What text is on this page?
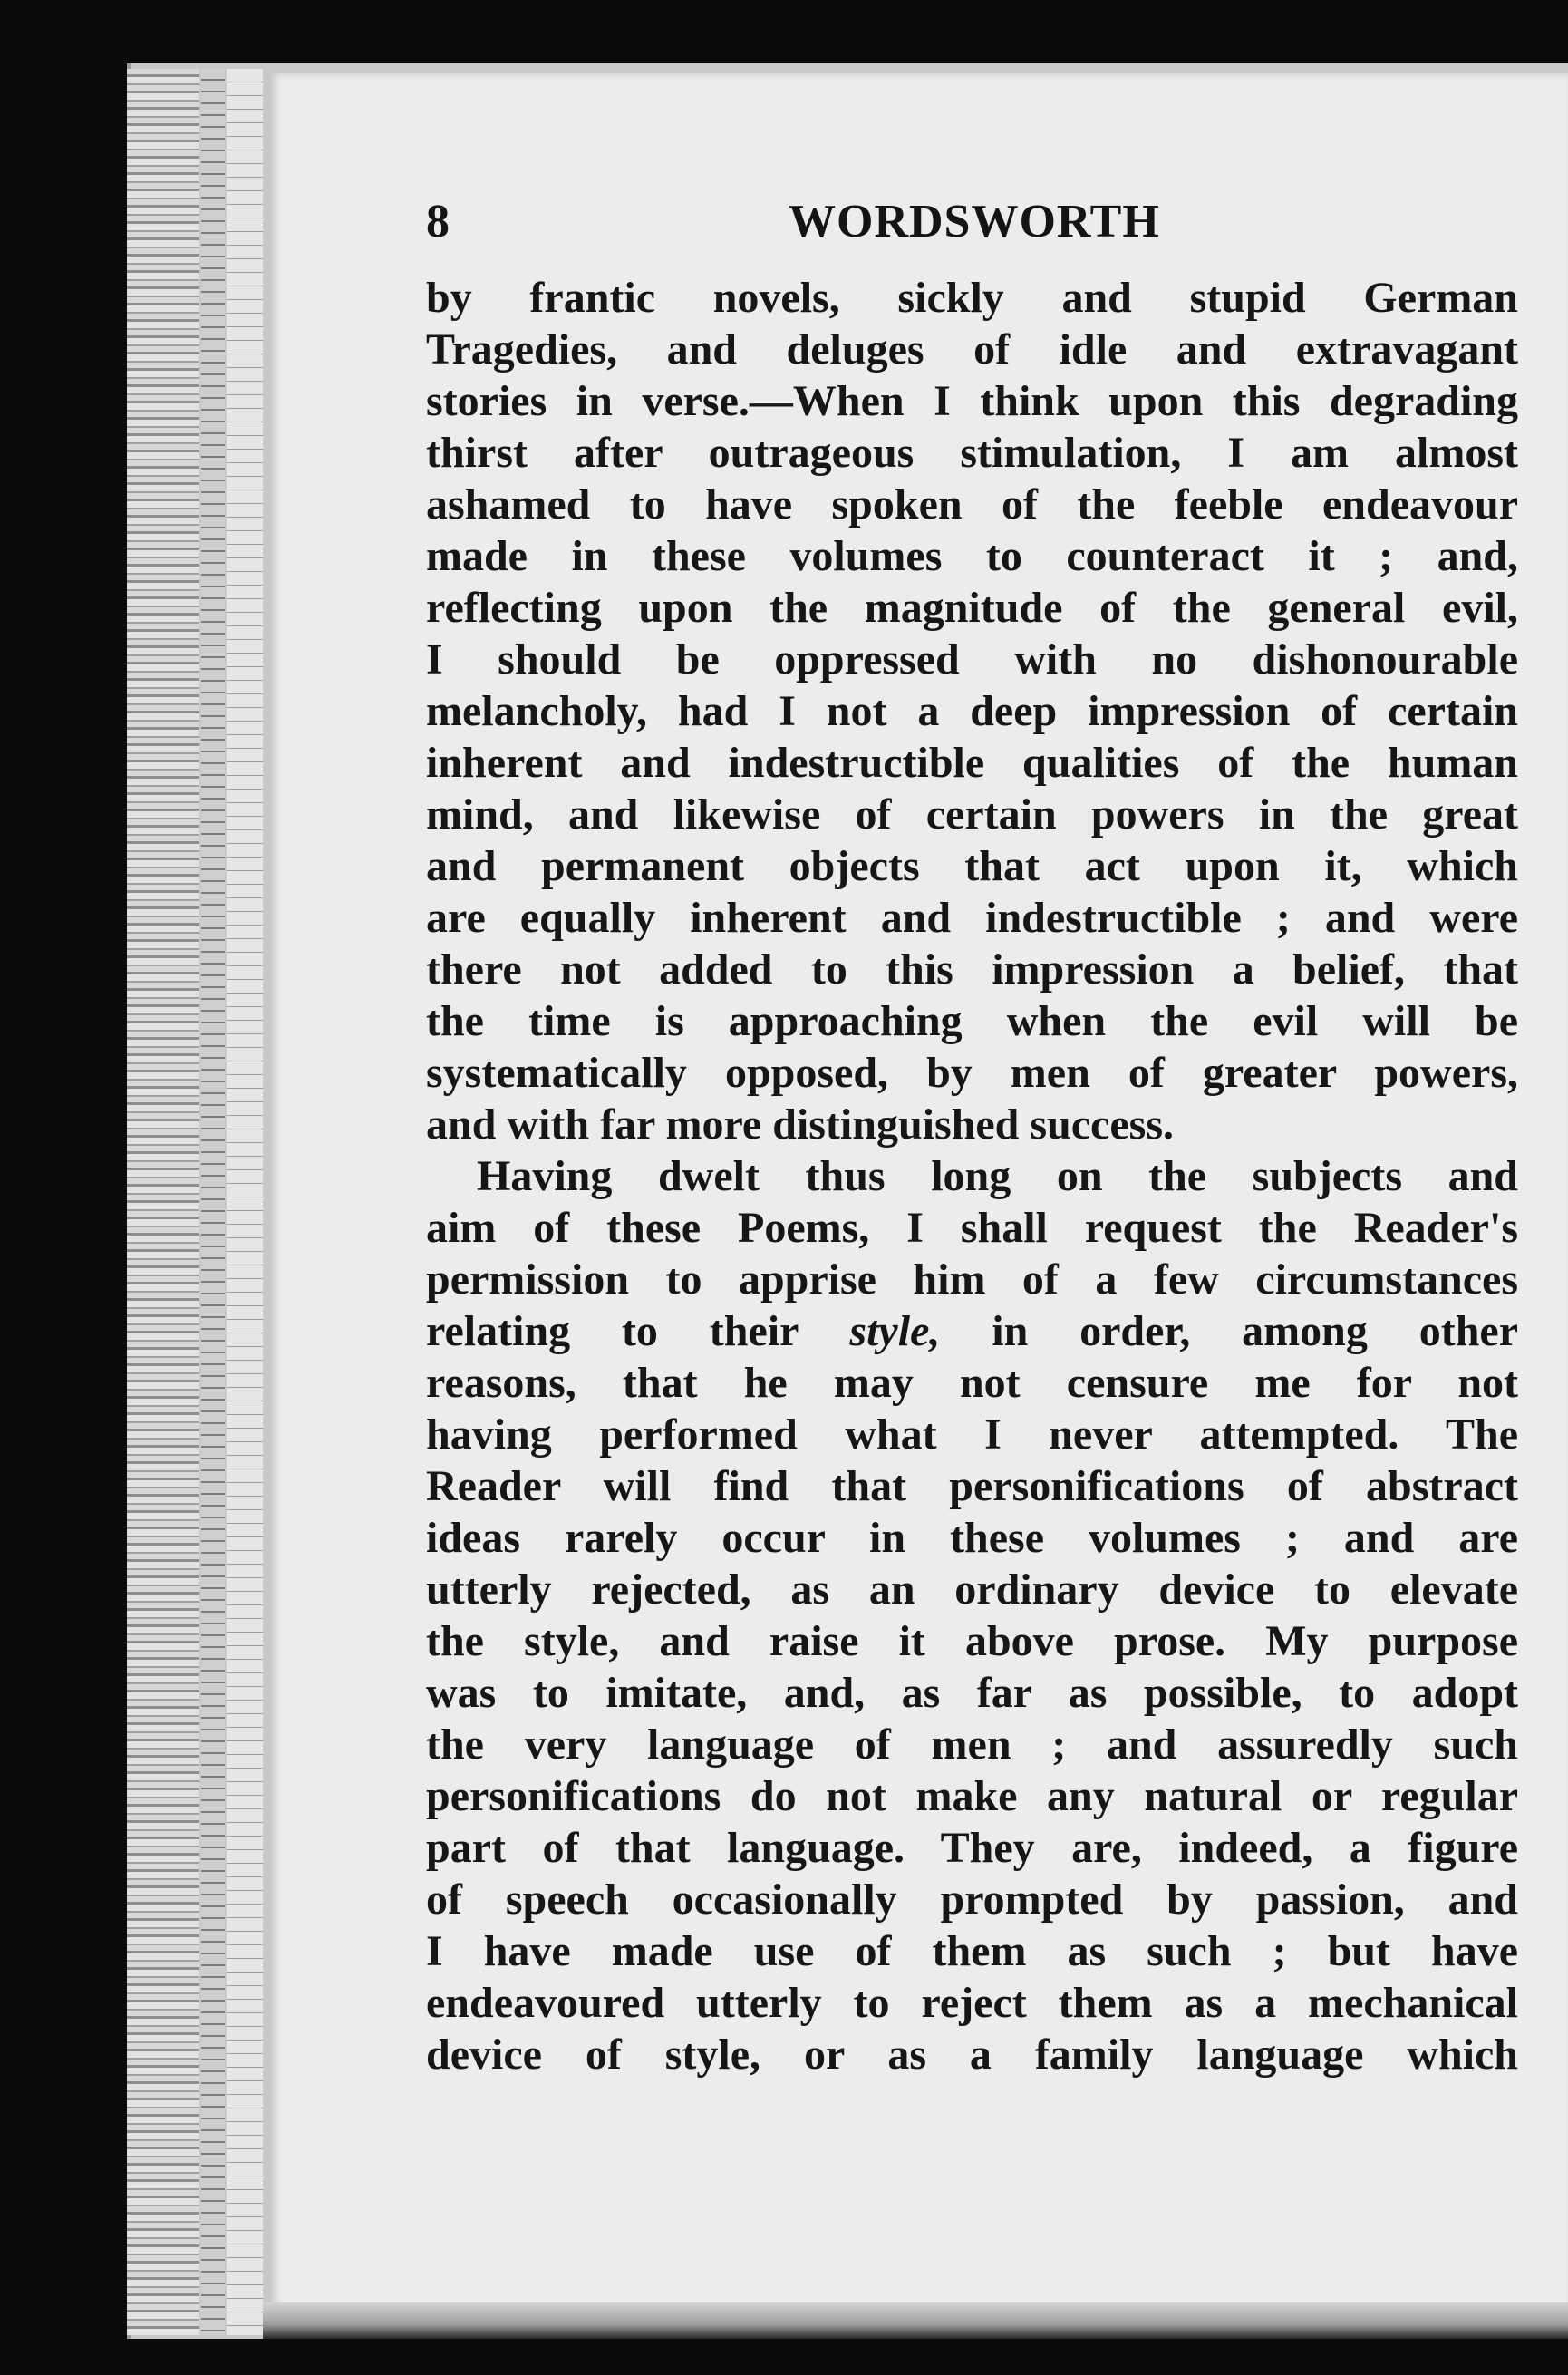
8	WORDSWORTH
by frantic novels, sickly and stupid German
Tragedies, and deluges of idle and extravagant
stories in verse.—When I think upon this degrading
thirst after outrageous stimulation, I am almost
ashamed to have spoken of the feeble endeavour
made in these volumes to counteract it ; and,
reflecting upon the magnitude of the general evil,
I should be oppressed with no dishonourable
melancholy, had I not a deep impression of certain
inherent and indestructible qualities of the human
mind, and likewise of certain powers in the great
and permanent objects that act upon it, which
are equally inherent and indestructible ; and were
there not added to this impression a belief, that
the time is approaching when the evil will be
systematically opposed, by men of greater powers,
and with far more distinguished success.
Having dwelt thus long on the subjects and
aim of these Poems, I shall request the Reader's
permission to apprise him of a few circumstances
relating to their style, in order, among other
reasons, that he may not censure me for not
having performed what I never attempted. The
Reader will find that personifications of abstract
ideas rarely occur in these volumes ; and are
utterly rejected, as an ordinary device to elevate
the style, and raise it above prose. My purpose
was to imitate, and, as far as possible, to adopt
the very language of men ; and assuredly such
personifications do not make any natural or regular
part of that language. They are, indeed, a figure
of speech occasionally prompted by passion, and
I have made use of them as such ; but have
endeavoured utterly to reject them as a mechanical
device of style, or as a family language which
